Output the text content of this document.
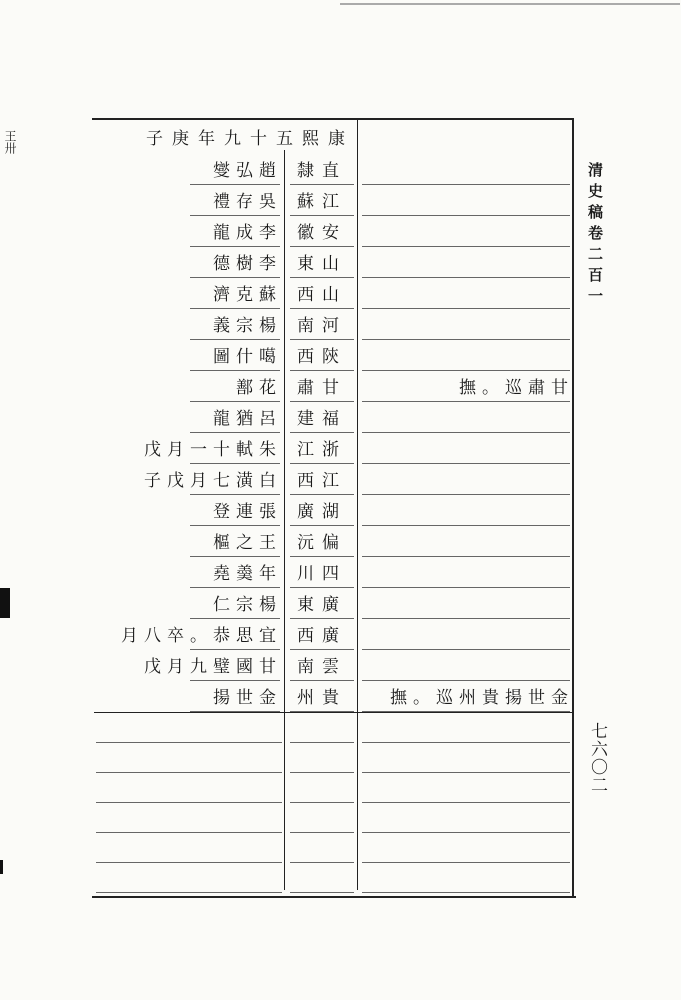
王卅
清史稿卷二百一
七六〇二
子庚年九十五熙康
燮弘趙 隸直
禮存吳 蘇江
龍成李 徽安
德樹李 東山
濟克蘇 西山
義宗楊 南河
圖什噶 西陝
鄯花 肅甘	撫。巡肅甘
龍猶呂 建福
戊月一十軾朱 江浙
子戊月七潢白 西江
登連張 廣湖
樞之王 沅偏
堯羮年 川四
仁宗楊 東廣
月八卒。恭思宜 西廣
戊月九璧國甘 南雲
揚世金 州貴	撫。巡州貴揚世金
